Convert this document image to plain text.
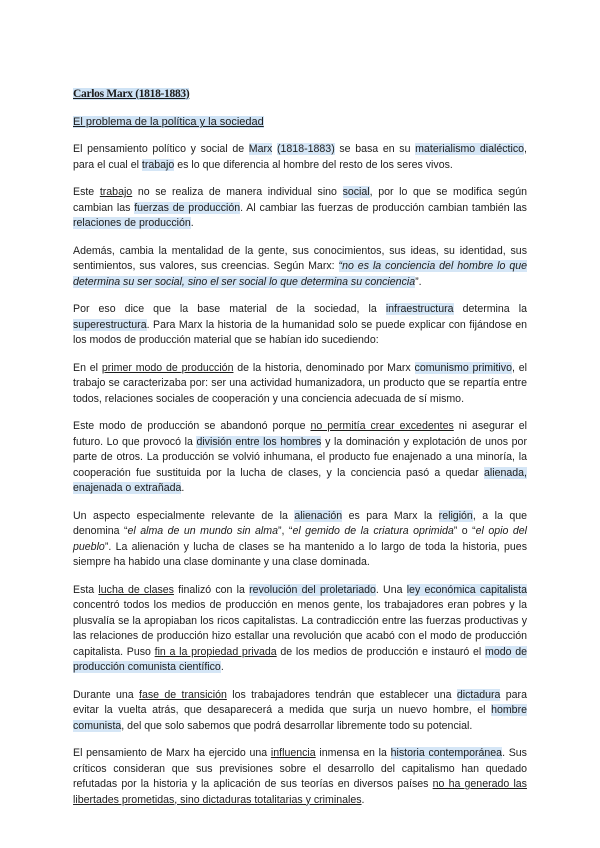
Carlos Marx (1818-1883)
El problema de la política y la sociedad

El pensamiento político y social de Marx (1818-1883) se basa en su materialismo dialéctico, para el cual el trabajo es lo que diferencia al hombre del resto de los seres vivos.

Este trabajo no se realiza de manera individual sino social, por lo que se modifica según cambian las fuerzas de producción. Al cambiar las fuerzas de producción cambian también las relaciones de producción.

Además, cambia la mentalidad de la gente, sus conocimientos, sus ideas, su identidad, sus sentimientos, sus valores, sus creencias. Según Marx: “no es la conciencia del hombre lo que determina su ser social, sino el ser social lo que determina su conciencia”.

Por eso dice que la base material de la sociedad, la infraestructura determina la superestructura. Para Marx la historia de la humanidad solo se puede explicar con fijándose en los modos de producción material que se habían ido sucediendo:

En el primer modo de producción de la historia, denominado por Marx comunismo primitivo, el trabajo se caracterizaba por: ser una actividad humanizadora, un producto que se repartía entre todos, relaciones sociales de cooperación y una conciencia adecuada de sí mismo.

Este modo de producción se abandonó porque no permitía crear excedentes ni asegurar el futuro. Lo que provocó la división entre los hombres y la dominación y explotación de unos por parte de otros. La producción se volvió inhumana, el producto fue enajenado a una minoría, la cooperación fue sustituida por la lucha de clases, y la conciencia pasó a quedar alienada, enajenada o extrañada.

Un aspecto especialmente relevante de la alienación es para Marx la religión, a la que denomina “el alma de un mundo sin alma”, “el gemido de la criatura oprimida” o “el opio del pueblo”. La alienación y lucha de clases se ha mantenido a lo largo de toda la historia, pues siempre ha habido una clase dominante y una clase dominada.

Esta lucha de clases finalizó con la revolución del proletariado. Una ley económica capitalista concentró todos los medios de producción en menos gente, los trabajadores eran pobres y la plusvalía se la apropiaban los ricos capitalistas. La contradicción entre las fuerzas productivas y las relaciones de producción hizo estallar una revolución que acabó con el modo de producción capitalista. Puso fin a la propiedad privada de los medios de producción e instauró el modo de producción comunista científico.

Durante una fase de transición los trabajadores tendrán que establecer una dictadura para evitar la vuelta atrás, que desaparecerá a medida que surja un nuevo hombre, el hombre comunista, del que solo sabemos que podrá desarrollar libremente todo su potencial.

El pensamiento de Marx ha ejercido una influencia inmensa en la historia contemporánea. Sus críticos consideran que sus previsiones sobre el desarrollo del capitalismo han quedado refutadas por la historia y la aplicación de sus teorías en diversos países no ha generado las libertades prometidas, sino dictaduras totalitarias y criminales.
